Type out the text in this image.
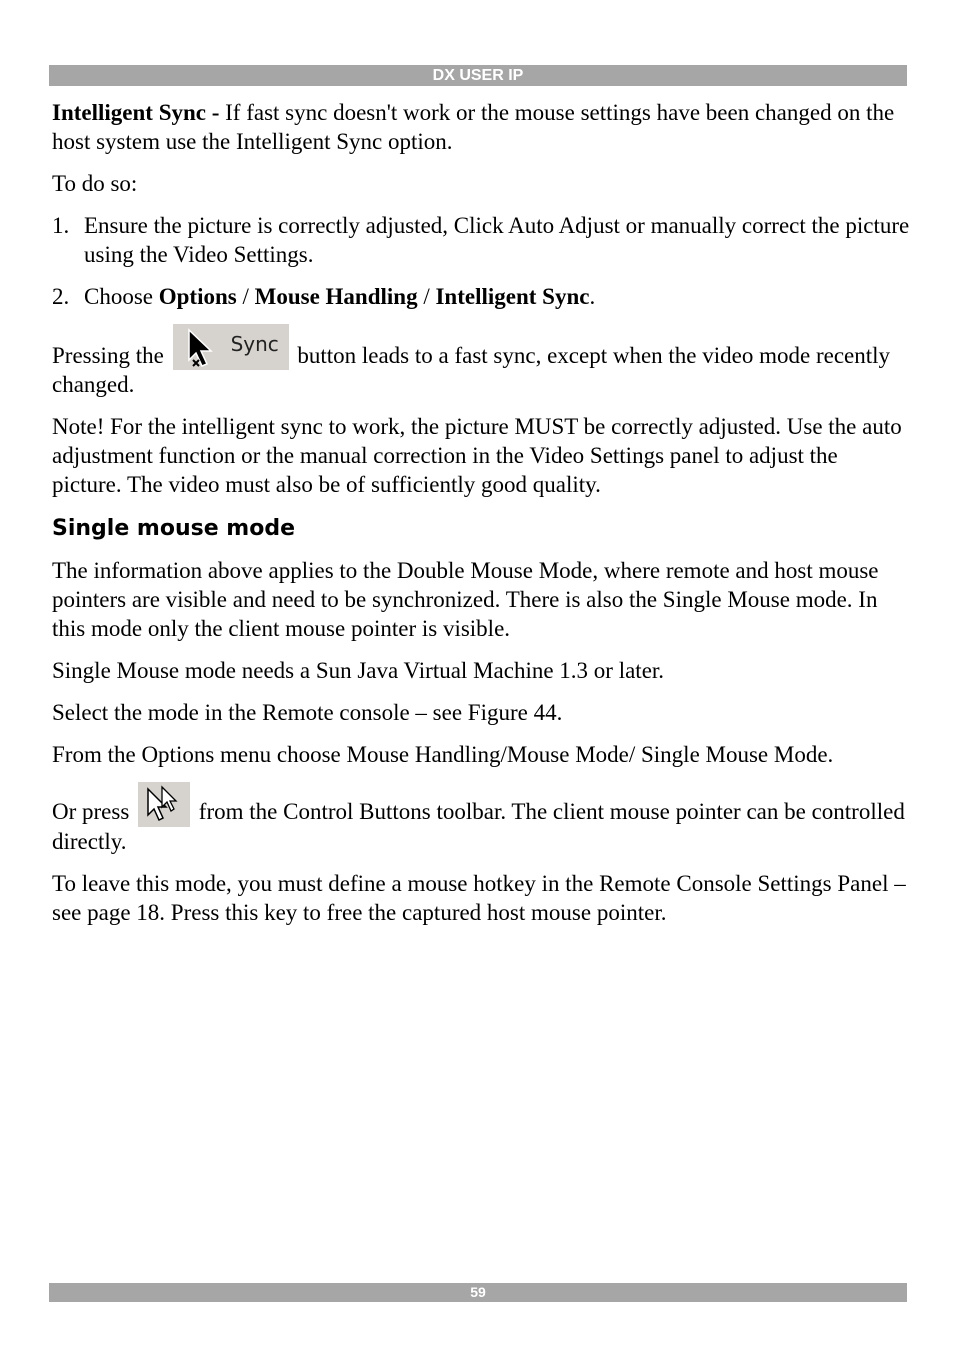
DX USER IP

Intelligent Sync - If fast sync doesn't work or the mouse settings have been changed on the host system use the Intelligent Sync option.

To do so:

1. Ensure the picture is correctly adjusted, Click Auto Adjust or manually correct the picture using the Video Settings.
2. Choose Options / Mouse Handling / Intelligent Sync.

Pressing the	Sync button leads to a fast sync, except when the video mode recently changed.

Note! For the intelligent sync to work, the picture MUST be correctly adjusted. Use the auto adjustment function or the manual correction in the Video Settings panel to adjust the picture. The video must also be of sufficiently good quality.

Single mouse mode

The information above applies to the Double Mouse Mode, where remote and host mouse pointers are visible and need to be synchronized. There is also the Single Mouse mode. In this mode only the client mouse pointer is visible.

Single Mouse mode needs a Sun Java Virtual Machine 1.3 or later.

Select the mode in the Remote console – see Figure 44.

From the Options menu choose Mouse Handling/Mouse Mode/ Single Mouse Mode.

Or press	from the Control Buttons toolbar. The client mouse pointer can be controlled directly.

To leave this mode, you must define a mouse hotkey in the Remote Console Settings Panel – see page 18. Press this key to free the captured host mouse pointer.

59
